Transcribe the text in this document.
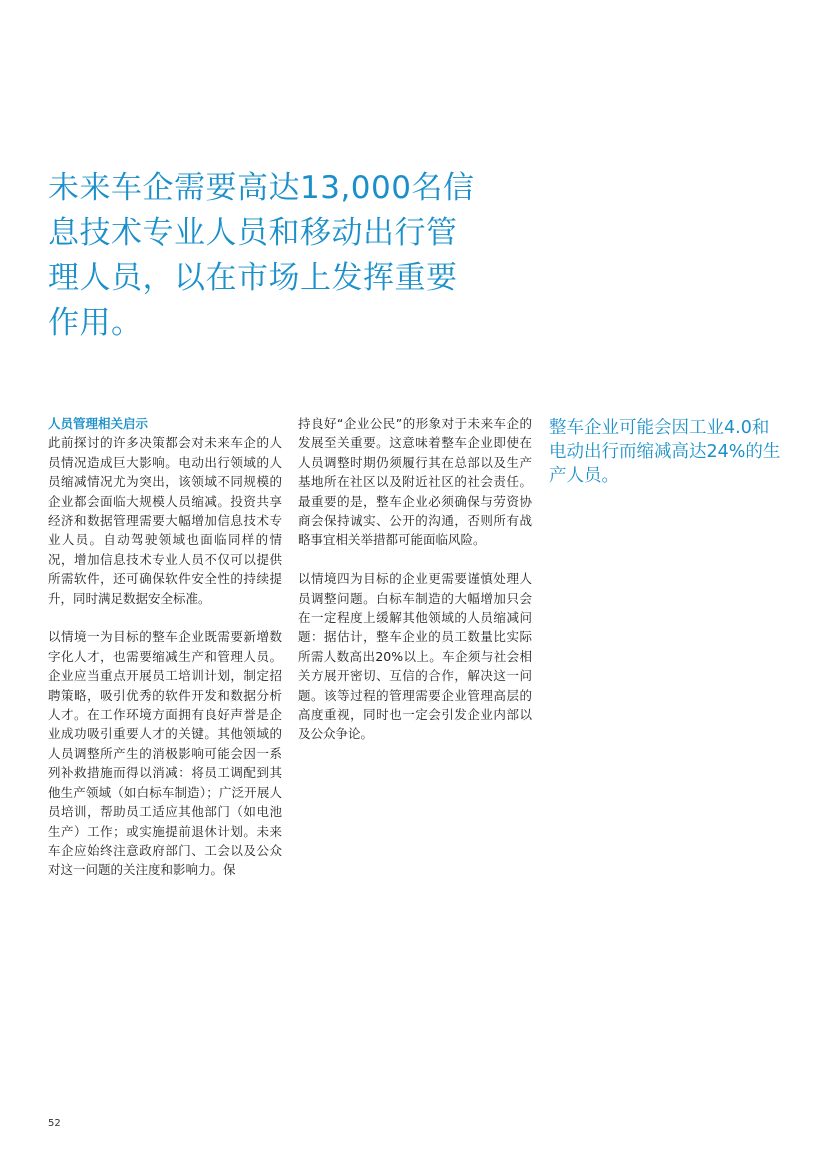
未来车企需要高达13,000名信息技术专业人员和移动出行管理人员，以在市场上发挥重要作用。
人员管理相关启示

此前探讨的许多决策都会对未来车企的人员情况造成巨大影响。电动出行领域的人员缩减情况尤为突出，该领域不同规模的企业都会面临大规模人员缩减。投资共享经济和数据管理需要大幅增加信息技术专业人员。自动驾驶领域也面临同样的情况，增加信息技术专业人员不仅可以提供所需软件，还可确保软件安全性的持续提升，同时满足数据安全标准。

以情境一为目标的整车企业既需要新增数字化人才，也需要缩减生产和管理人员。企业应当重点开展员工培训计划，制定招聘策略，吸引优秀的软件开发和数据分析人才。在工作环境方面拥有良好声誉是企业成功吸引重要人才的关键。其他领域的人员调整所产生的消极影响可能会因一系列补救措施而得以消减：将员工调配到其他生产领域（如白标车制造）；广泛开展人员培训，帮助员工适应其他部门（如电池生产）工作；或实施提前退休计划。未来车企应始终注意政府部门、工会以及公众对这一问题的关注度和影响力。保

持良好“企业公民”的形象对于未来车企的发展至关重要。这意味着整车企业即使在人员调整时期仍须履行其在总部以及生产基地所在社区以及附近社区的社会责任。最重要的是，整车企业必须确保与劳资协商会保持诚实、公开的沟通，否则所有战略事宜相关举措都可能面临风险。

以情境四为目标的企业更需要谨慎处理人员调整问题。白标车制造的大幅增加只会在一定程度上缓解其他领域的人员缩减问题：据估计，整车企业的员工数量比实际所需人数高出20%以上。车企须与社会相关方展开密切、互信的合作，解决这一问题。该等过程的管理需要企业管理高层的高度重视，同时也一定会引发企业内部以及公众争论。

整车企业可能会因工业4.0和电动出行而缩减高达24%的生产人员。

52
